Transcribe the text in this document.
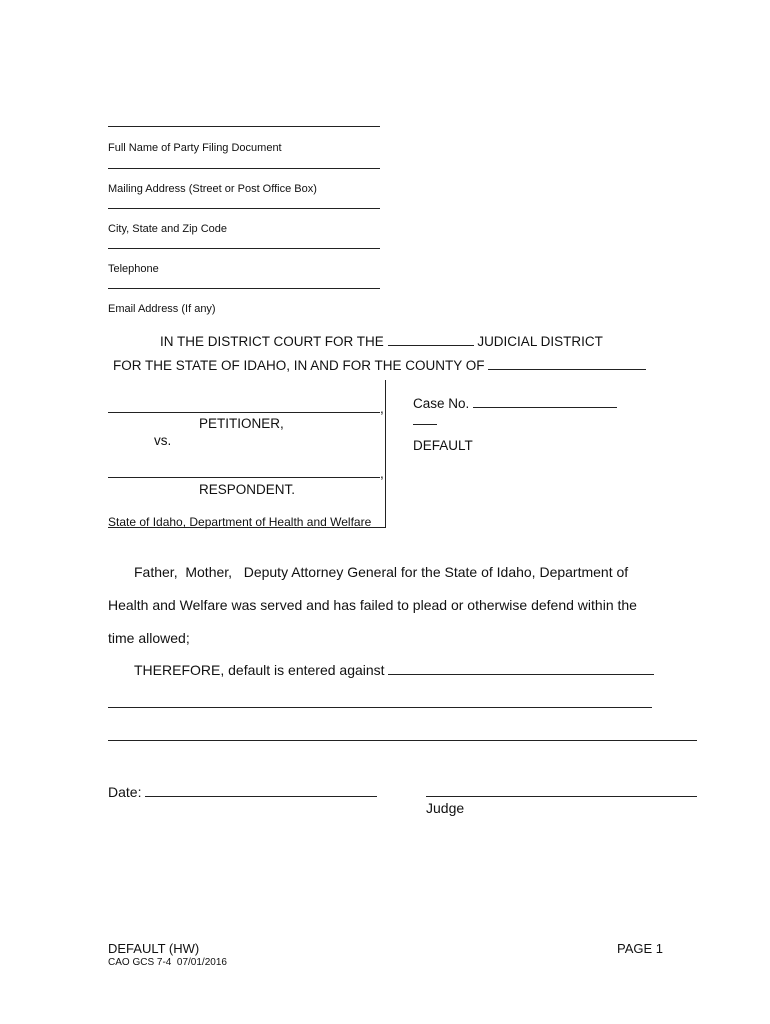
Full Name of Party Filing Document
Mailing Address (Street or Post Office Box)
City, State and Zip Code
Telephone
Email Address (If any)
IN THE DISTRICT COURT FOR THE	JUDICIAL DISTRICT
FOR THE STATE OF IDAHO, IN AND FOR THE COUNTY OF
,
PETITIONER,
vs.
,
RESPONDENT.
State of Idaho, Department of Health and Welfare
Case No.
DEFAULT
Father,  Mother,   Deputy Attorney General for the State of Idaho, Department of
Health and Welfare was served and has failed to plead or otherwise defend within the
time allowed;
THEREFORE, default is entered against
Date:
Judge
DEFAULT (HW)
CAO GCS 7-4  07/01/2016
PAGE 1
